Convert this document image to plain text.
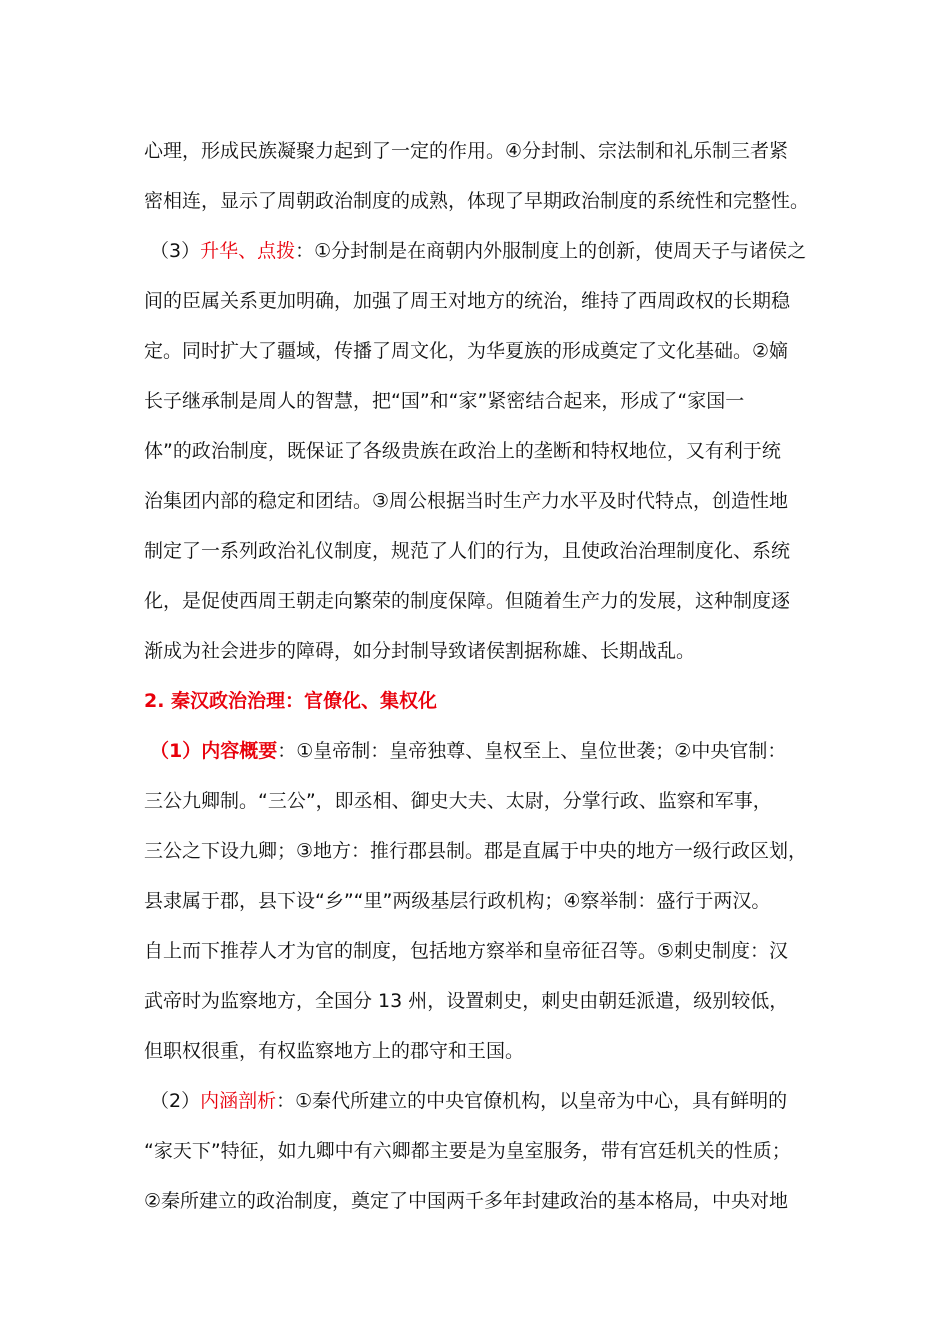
心理，形成民族凝聚力起到了一定的作用。④分封制、宗法制和礼乐制三者紧
密相连，显示了周朝政治制度的成熟，体现了早期政治制度的系统性和完整性。
（3）升华、点拨：①分封制是在商朝内外服制度上的创新，使周天子与诸侯之
间的臣属关系更加明确，加强了周王对地方的统治，维持了西周政权的长期稳
定。同时扩大了疆域，传播了周文化，为华夏族的形成奠定了文化基础。②嫡
长子继承制是周人的智慧，把“国”和“家”紧密结合起来，形成了“家国一
体”的政治制度，既保证了各级贵族在政治上的垄断和特权地位，又有利于统
治集团内部的稳定和团结。③周公根据当时生产力水平及时代特点，创造性地
制定了一系列政治礼仪制度，规范了人们的行为，且使政治治理制度化、系统
化，是促使西周王朝走向繁荣的制度保障。但随着生产力的发展，这种制度逐
渐成为社会进步的障碍，如分封制导致诸侯割据称雄、长期战乱。
2. 秦汉政治治理：官僚化、集权化
（1）内容概要：①皇帝制：皇帝独尊、皇权至上、皇位世袭；②中央官制：
三公九卿制。“三公”，即丞相、御史大夫、太尉，分掌行政、监察和军事，
三公之下设九卿；③地方：推行郡县制。郡是直属于中央的地方一级行政区划，
县隶属于郡，县下设“乡”“里”两级基层行政机构；④察举制：盛行于两汉。
自上而下推荐人才为官的制度，包括地方察举和皇帝征召等。⑤刺史制度：汉
武帝时为监察地方，全国分 13 州，设置刺史，刺史由朝廷派遣，级别较低，
但职权很重，有权监察地方上的郡守和王国。
（2）内涵剖析：①秦代所建立的中央官僚机构，以皇帝为中心，具有鲜明的
“家天下”特征，如九卿中有六卿都主要是为皇室服务，带有宫廷机关的性质；
②秦所建立的政治制度，奠定了中国两千多年封建政治的基本格局，中央对地
